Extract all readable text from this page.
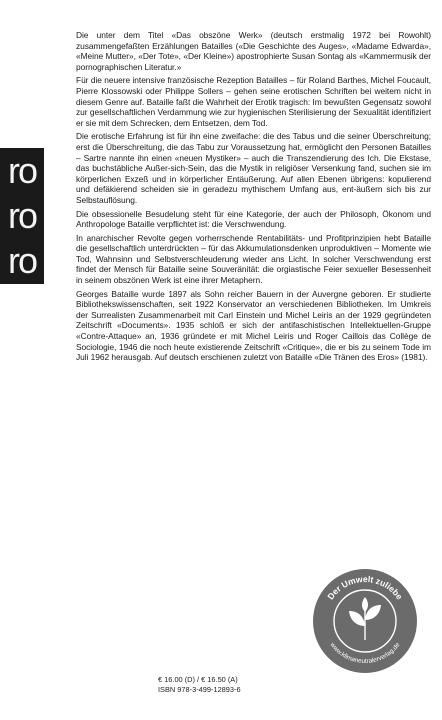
ro
ro
ro

Die unter dem Titel «Das obszöne Werk» (deutsch erstmalig 1972 bei Rowohlt) zusammengefaßten Erzählungen Batailles («Die Geschichte des Auges», «Madame Edwarda», «Meine Mutter», «Der Tote», «Der Kleine») apostrophierte Susan Sontag als «Kammermusik der pornographischen Literatur.»

Für die neuere intensive französische Rezeption Batailles – für Roland Barthes, Michel Foucault, Pierre Klossowski oder Philippe Sollers – gehen seine erotischen Schriften bei weitem nicht in diesem Genre auf. Bataille faßt die Wahrheit der Erotik tragisch: Im bewußten Gegensatz sowohl zur gesellschaftlichen Verdammung wie zur hygienischen Sterilisierung der Sexualität identifiziert er sie mit dem Schrecken, dem Entsetzen, dem Tod.

Die erotische Erfahrung ist für ihn eine zweifache: die des Tabus und die seiner Überschreitung; erst die Überschreitung, die das Tabu zur Voraussetzung hat, ermöglicht den Personen Batailles – Sartre nannte ihn einen «neuen Mystiker» – auch die Transzendierung des Ich. Die Ekstase, das buchstäbliche Außer-sich-Sein, das die Mystik in religiöser Versenkung fand, suchen sie im körperlichen Exzeß und in körperlicher Entäußerung. Auf allen Ebenen übrigens: kopulierend und defäkierend scheiden sie in geradezu mythischem Umfang aus, ent-äußern sich bis zur Selbstauflösung.

Die obsessionelle Besudelung steht für eine Kategorie, der auch der Philosoph, Ökonom und Anthropologe Bataille verpflichtet ist: die Verschwendung.

In anarchischer Revolte gegen vorherrschende Rentabilitäts- und Profitprinzipien hebt Bataille die gesellschaftlich unterdrückten – für das Akkumulationsdenken unproduktiven – Momente wie Tod, Wahnsinn und Selbstverschleuderung wieder ans Licht. In solcher Verschwendung erst findet der Mensch für Bataille seine Souveränität: die orgiastische Feier sexueller Besessenheit in seinem obszönen Werk ist eine ihrer Metaphern.

Georges Bataille wurde 1897 als Sohn reicher Bauern in der Auvergne geboren. Er studierte Bibliothekswissenschaften, seit 1922 Konservator an verschiedenen Bibliotheken. Im Umkreis der Surrealisten Zusammenarbeit mit Carl Einstein und Michel Leiris an der 1929 gegründeten Zeitschrift «Documents». 1935 schloß er sich der antifaschistischen Intellektuellen-Gruppe «Contre-Attaque» an, 1936 gründete er mit Michel Leiris und Roger Caillois das Collège de Sociologie, 1946 die noch heute existierende Zeitschrift «Critique», die er bis zu seinem Tode im Juli 1962 herausgab. Auf deutsch erschienen zuletzt von Bataille «Die Tränen des Eros» (1981).

Der Umwelt zuliebe
www.klimaneutralerverlag.de
€ 16.00 (D) / € 16.50 (A)
ISBN 978-3-499-12893-6
